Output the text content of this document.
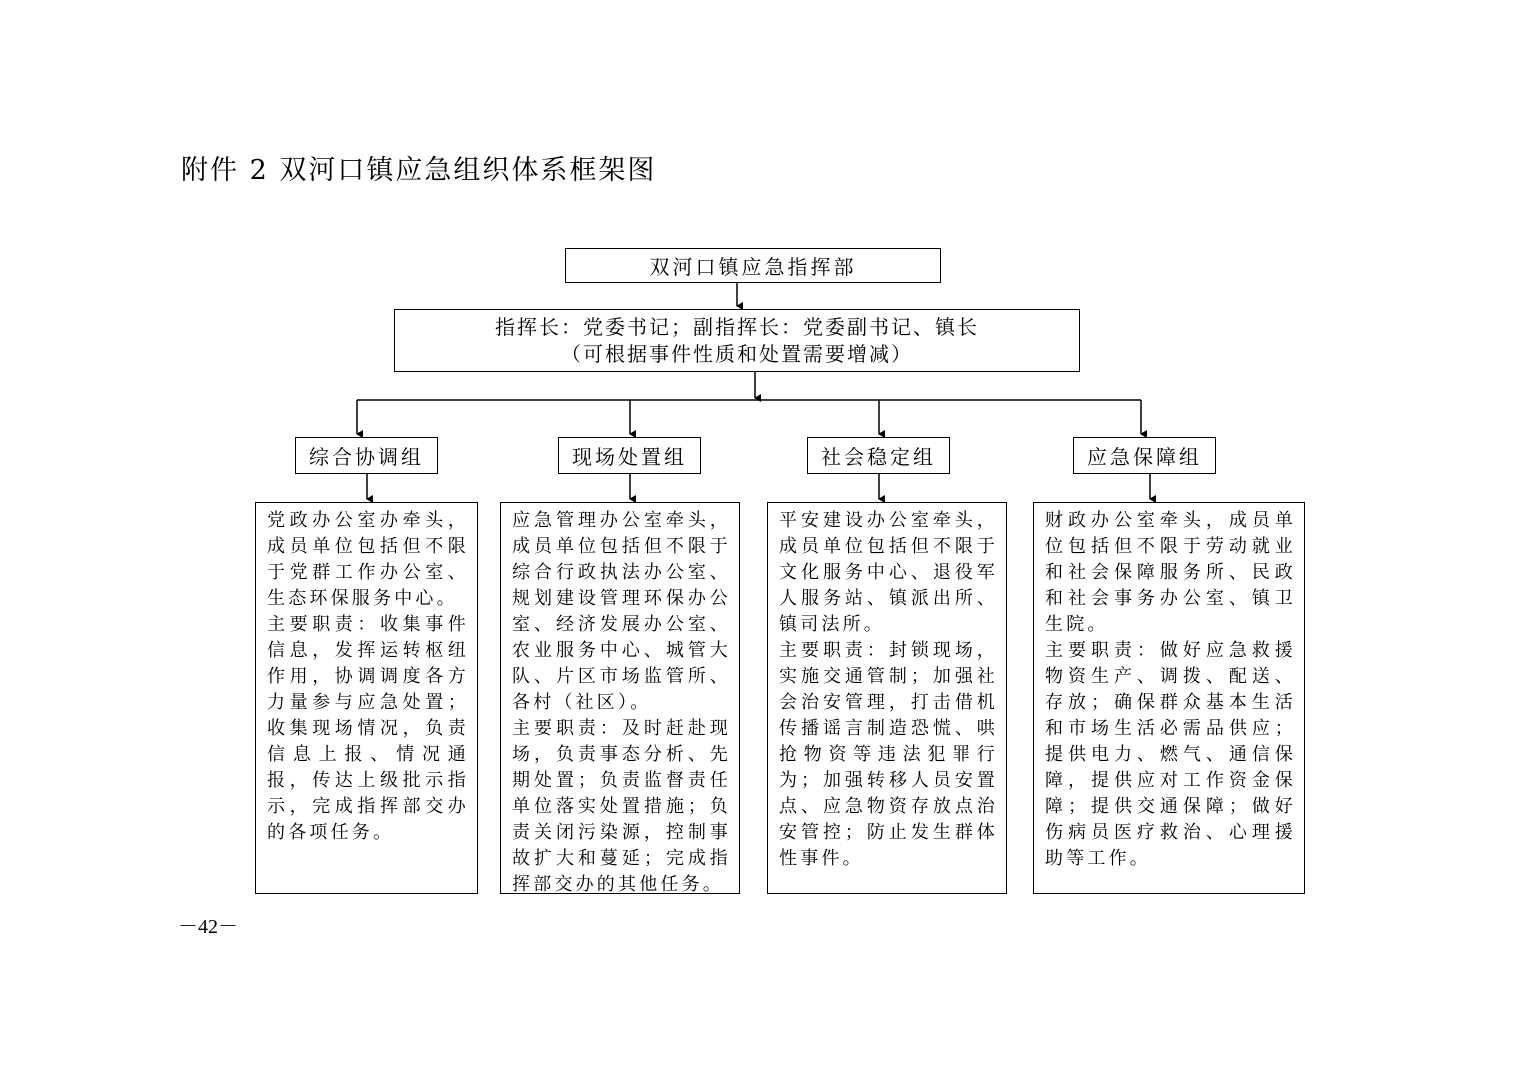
附件 2 双河口镇应急组织体系框架图
双河口镇应急指挥部
指挥长：党委书记；副指挥长：党委副书记、镇长
（可根据事件性质和处置需要增减）
综合协调组	现场处置组	社会稳定组	应急保障组

党政办公室办牵头，成员单位包括但不限于党群工作办公室、生态环保服务中心。

主要职责：收集事件信息，发挥运转枢纽作用，协调调度各方力量参与应急处置；收集现场情况，负责信息上报、情况通报，传达上级批示指示，完成指挥部交办的各项任务。

应急管理办公室牵头，成员单位包括但不限于综合行政执法办公室、规划建设管理环保办公室、经济发展办公室、农业服务中心、城管大队、片区市场监管所、各村（社区）。

主要职责：及时赶赴现场，负责事态分析、先期处置；负责监督责任单位落实处置措施；负责关闭污染源，控制事故扩大和蔓延；完成指挥部交办的其他任务。

平安建设办公室牵头，成员单位包括但不限于文化服务中心、退役军人服务站、镇派出所、镇司法所。

主要职责：封锁现场，实施交通管制；加强社会治安管理，打击借机传播谣言制造恐慌、哄抢物资等违法犯罪行为；加强转移人员安置点、应急物资存放点治安管控；防止发生群体性事件。

财政办公室牵头，成员单位包括但不限于劳动就业和社会保障服务所、民政和社会事务办公室、镇卫生院。

主要职责：做好应急救援物资生产、调拨、配送、存放；确保群众基本生活和市场生活必需品供应；提供电力、燃气、通信保障，提供应对工作资金保障；提供交通保障；做好伤病员医疗救治、心理援助等工作。

－42－
